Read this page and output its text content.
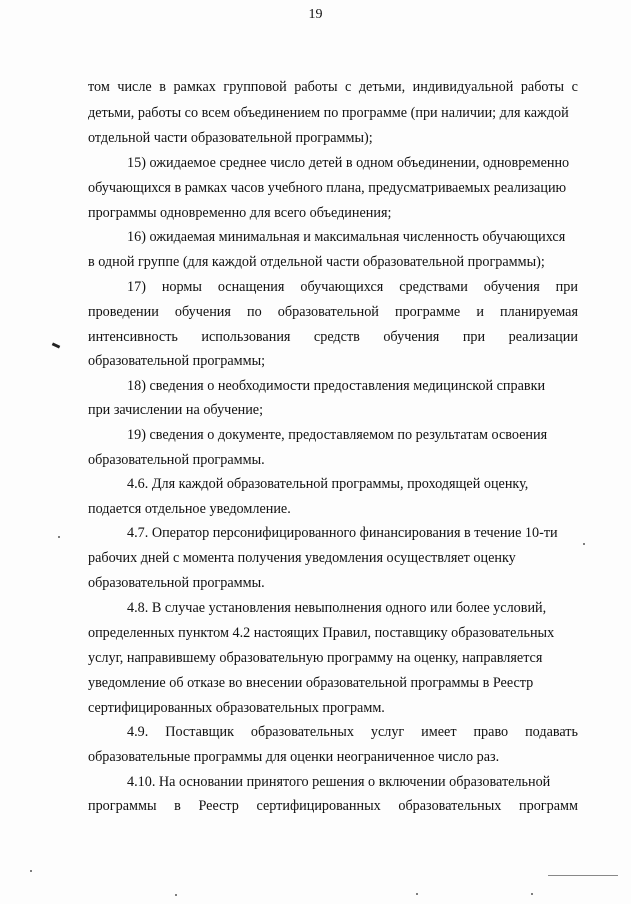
19
том числе в рамках групповой работы с детьми, индивидуальной работы с
детьми, работы со всем объединением по программе (при наличии; для каждой
отдельной части образовательной программы);
15) ожидаемое среднее число детей в одном объединении, одновременно
обучающихся в рамках часов учебного плана, предусматриваемых реализацию
программы одновременно для всего объединения;
16) ожидаемая минимальная и максимальная численность обучающихся
в одной группе (для каждой отдельной части образовательной программы);
17) нормы оснащения обучающихся средствами обучения при
проведении обучения по образовательной программе и планируемая
интенсивность использования средств обучения при реализации
образовательной программы;
18) сведения о необходимости предоставления медицинской справки
при зачислении на обучение;
19) сведения о документе, предоставляемом по результатам освоения
образовательной программы.
4.6. Для каждой образовательной программы, проходящей оценку,
подается отдельное уведомление.
4.7. Оператор персонифицированного финансирования в течение 10-ти
рабочих дней с момента получения уведомления осуществляет оценку
образовательной программы.
4.8. В случае установления невыполнения одного или более условий,
определенных пунктом 4.2 настоящих Правил, поставщику образовательных
услуг, направившему образовательную программу на оценку, направляется
уведомление об отказе во внесении образовательной программы в Реестр
сертифицированных образовательных программ.
4.9. Поставщик образовательных услуг имеет право подавать
образовательные программы для оценки неограниченное число раз.
4.10. На основании принятого решения о включении образовательной
программы в Реестр сертифицированных образовательных программ
